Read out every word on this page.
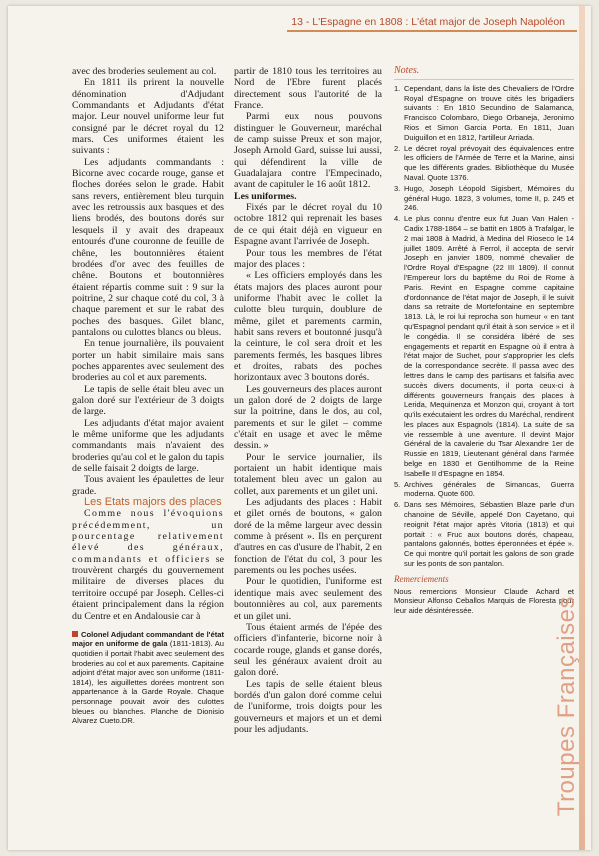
13 - L'Espagne en 1808 : L'état major de Joseph Napoléon

avec des broderies seulement au col.

En 1811 ils prirent la nouvelle dénomination d'Adjudant Commandants et Adjudants d'état major. Leur nouvel uniforme leur fut consigné par le décret royal du 12 mars. Ces uniformes étaient les suivants :

Les adjudants commandants : Bicorne avec cocarde rouge, ganse et floches dorées selon le grade. Habit sans revers, entièrement bleu turquin avec les retroussis aux basques et des liens brodés, des boutons dorés sur lesquels il y avait des drapeaux entourés d'une couronne de feuille de chêne, les boutonnières étaient brodées d'or avec des feuilles de chêne. Boutons et boutonnières étaient répartis comme suit : 9 sur la poitrine, 2 sur chaque coté du col, 3 à chaque parement et sur le rabat des poches des basques. Gilet blanc, pantalons ou culottes blancs ou bleus.

En tenue journalière, ils pouvaient porter un habit similaire mais sans poches apparentes avec seulement des broderies au col et aux parements.

Le tapis de selle était bleu avec un galon doré sur l'extérieur de 3 doigts de large.

Les adjudants d'état major avaient le même uniforme que les adjudants commandants mais n'avaient des broderies qu'au col et le galon du tapis de selle faisait 2 doigts de large.

Tous avaient les épaulettes de leur grade.

Les Etats majors des places

Comme nous l'évoquions précédemment, un pourcentage relativement élevé des généraux, commandants et officiers se trouvèrent chargés du gouvernement militaire de diverses places du territoire occupé par Joseph. Celles-ci étaient principalement dans la région du Centre et en Andalousie car à

Colonel Adjudant commandant de l'état major en uniforme de gala (1811-1813). Au quotidien il portait l'habit avec seulement des broderies au col et aux parements. Capitaine adjoint d'état major avec son uniforme (1811-1814), les aiguillettes dorées montrent son appartenance à la Garde Royale. Chaque personnage pouvait avoir des culottes bleues ou blanches. Planche de Dionisio Alvarez Cueto.DR.

partir de 1810 tous les territoires au Nord de l'Ebre furent placés directement sous l'autorité de la France.

Parmi eux nous pouvons distinguer le Gouverneur, maréchal de camp suisse Preux et son major, Joseph Arnold Gard, suisse lui aussi, qui défendirent la ville de Guadalajara contre l'Empecinado, avant de capituler le 16 août 1812.

Les uniformes.

Fixés par le décret royal du 10 octobre 1812 qui reprenait les bases de ce qui était déjà en vigueur en Espagne avant l'arrivée de Joseph.

Pour tous les membres de l'état major des places :

« Les officiers employés dans les états majors des places auront pour uniforme l'habit avec le collet la culotte bleu turquin, doublure de même, gilet et parements carmin, habit sans revers et boutonné jusqu'à la ceinture, le col sera droit et les parements fermés, les basques libres et droites, rabats des poches horizontaux avec 3 boutons dorés.

Les gouverneurs des places auront un galon doré de 2 doigts de large sur la poitrine, dans le dos, au col, parements et sur le gilet – comme c'était en usage et avec le même dessin. »

Pour le service journalier, ils portaient un habit identique mais totalement bleu avec un galon au collet, aux parements et un gilet uni.

Les adjudants des places : Habit et gilet ornés de boutons, « galon doré de la même largeur avec dessin comme à présent ». Ils en perçurent d'autres en cas d'usure de l'habit, 2 en fonction de l'état du col, 3 pour les parements ou les poches usées.

Pour le quotidien, l'uniforme est identique mais avec seulement des boutonnières au col, aux parements et un gilet uni.

Tous étaient armés de l'épée des officiers d'infanterie, bicorne noir à cocarde rouge, glands et ganse dorés, seul les généraux avaient droit au galon doré.

Les tapis de selle étaient bleus bordés d'un galon doré comme celui de l'uniforme, trois doigts pour les gouverneurs et majors et un et demi pour les adjudants.

Notes.
1. Cependant, dans la liste des Chevaliers de l'Ordre Royal d'Espagne on trouve cités les brigadiers suivants : En 1810 Secundino de Salamanca, Francisco Colombaro, Diego Orbaneja, Jeronimo Rios et Simon Garcia Porta. En 1811, Juan Duiguillon et en 1812, l'artilleur Arriada.
2. Le décret royal prévoyait des équivalences entre les officiers de l'Armée de Terre et la Marine, ainsi que les différents grades. Bibliothèque du Musée Naval. Quote 1376.
3. Hugo, Joseph Léopold Sigisbert, Mémoires du général Hugo. 1823, 3 volumes, tome II, p. 245 et 246.
4. Le plus connu d'entre eux fut Juan Van Halen - Cadix 1788-1864 – se battit en 1805 à Trafalgar, le 2 mai 1808 à Madrid, à Medina del Rioseco le 14 juillet 1809. Arrêté à Ferrol, il accepta de servir Joseph en janvier 1809, nommé chevalier de l'Ordre Royal d'Espagne (22 III 1809). Il connut l'Empereur lors du baptême du Roi de Rome à Paris. Revint en Espagne comme capitaine d'ordonnance de l'état major de Joseph, il le suivit dans sa retraite de Mortefontaine en septembre 1813. Là, le roi lui reprocha son humeur « en tant qu'Espagnol pendant qu'il était à son service » et il le congédia. Il se considéra libéré de ses engagements et repartit en Espagne où il entra à l'état major de Suchet, pour s'approprier les clefs de la correspondance secrète. Il passa avec des lettres dans le camp des partisans et falsifia avec succès divers documents, il porta ceux-ci à différents gouverneurs français des places à Lerida, Mequinenza et Monzon qui, croyant à tort qu'ils exécutaient les ordres du Maréchal, rendirent les places aux Espagnols (1814). La suite de sa vie ressemble à une aventure. Il devint Major Général de la cavalerie du Tsar Alexandre 1er de Russie en 1819, Lieutenant général dans l'armée belge en 1830 et Gentilhomme de la Reine Isabelle II d'Espagne en 1854.
5. Archives générales de Simancas, Guerra moderna. Quote 600.
6. Dans ses Mémoires, Sébastien Blaze parle d'un chanoine de Séville, appelé Don Cayetano, qui reoignit l'état major après Vitoria (1813) et qui portait : « Fruc aux boutons dorés, chapeau, pantalons galonnés, bottes éperonnées et épée ». Ce qui montre qu'il portait les galons de son grade sur les ponts de son pantalon.
Remerciements
Nous remercions Monsieur Claude Achard et Monsieur Alfonso Ceballos Marquis de Floresta pour leur aide désintéressée.	Troupes Françaises
